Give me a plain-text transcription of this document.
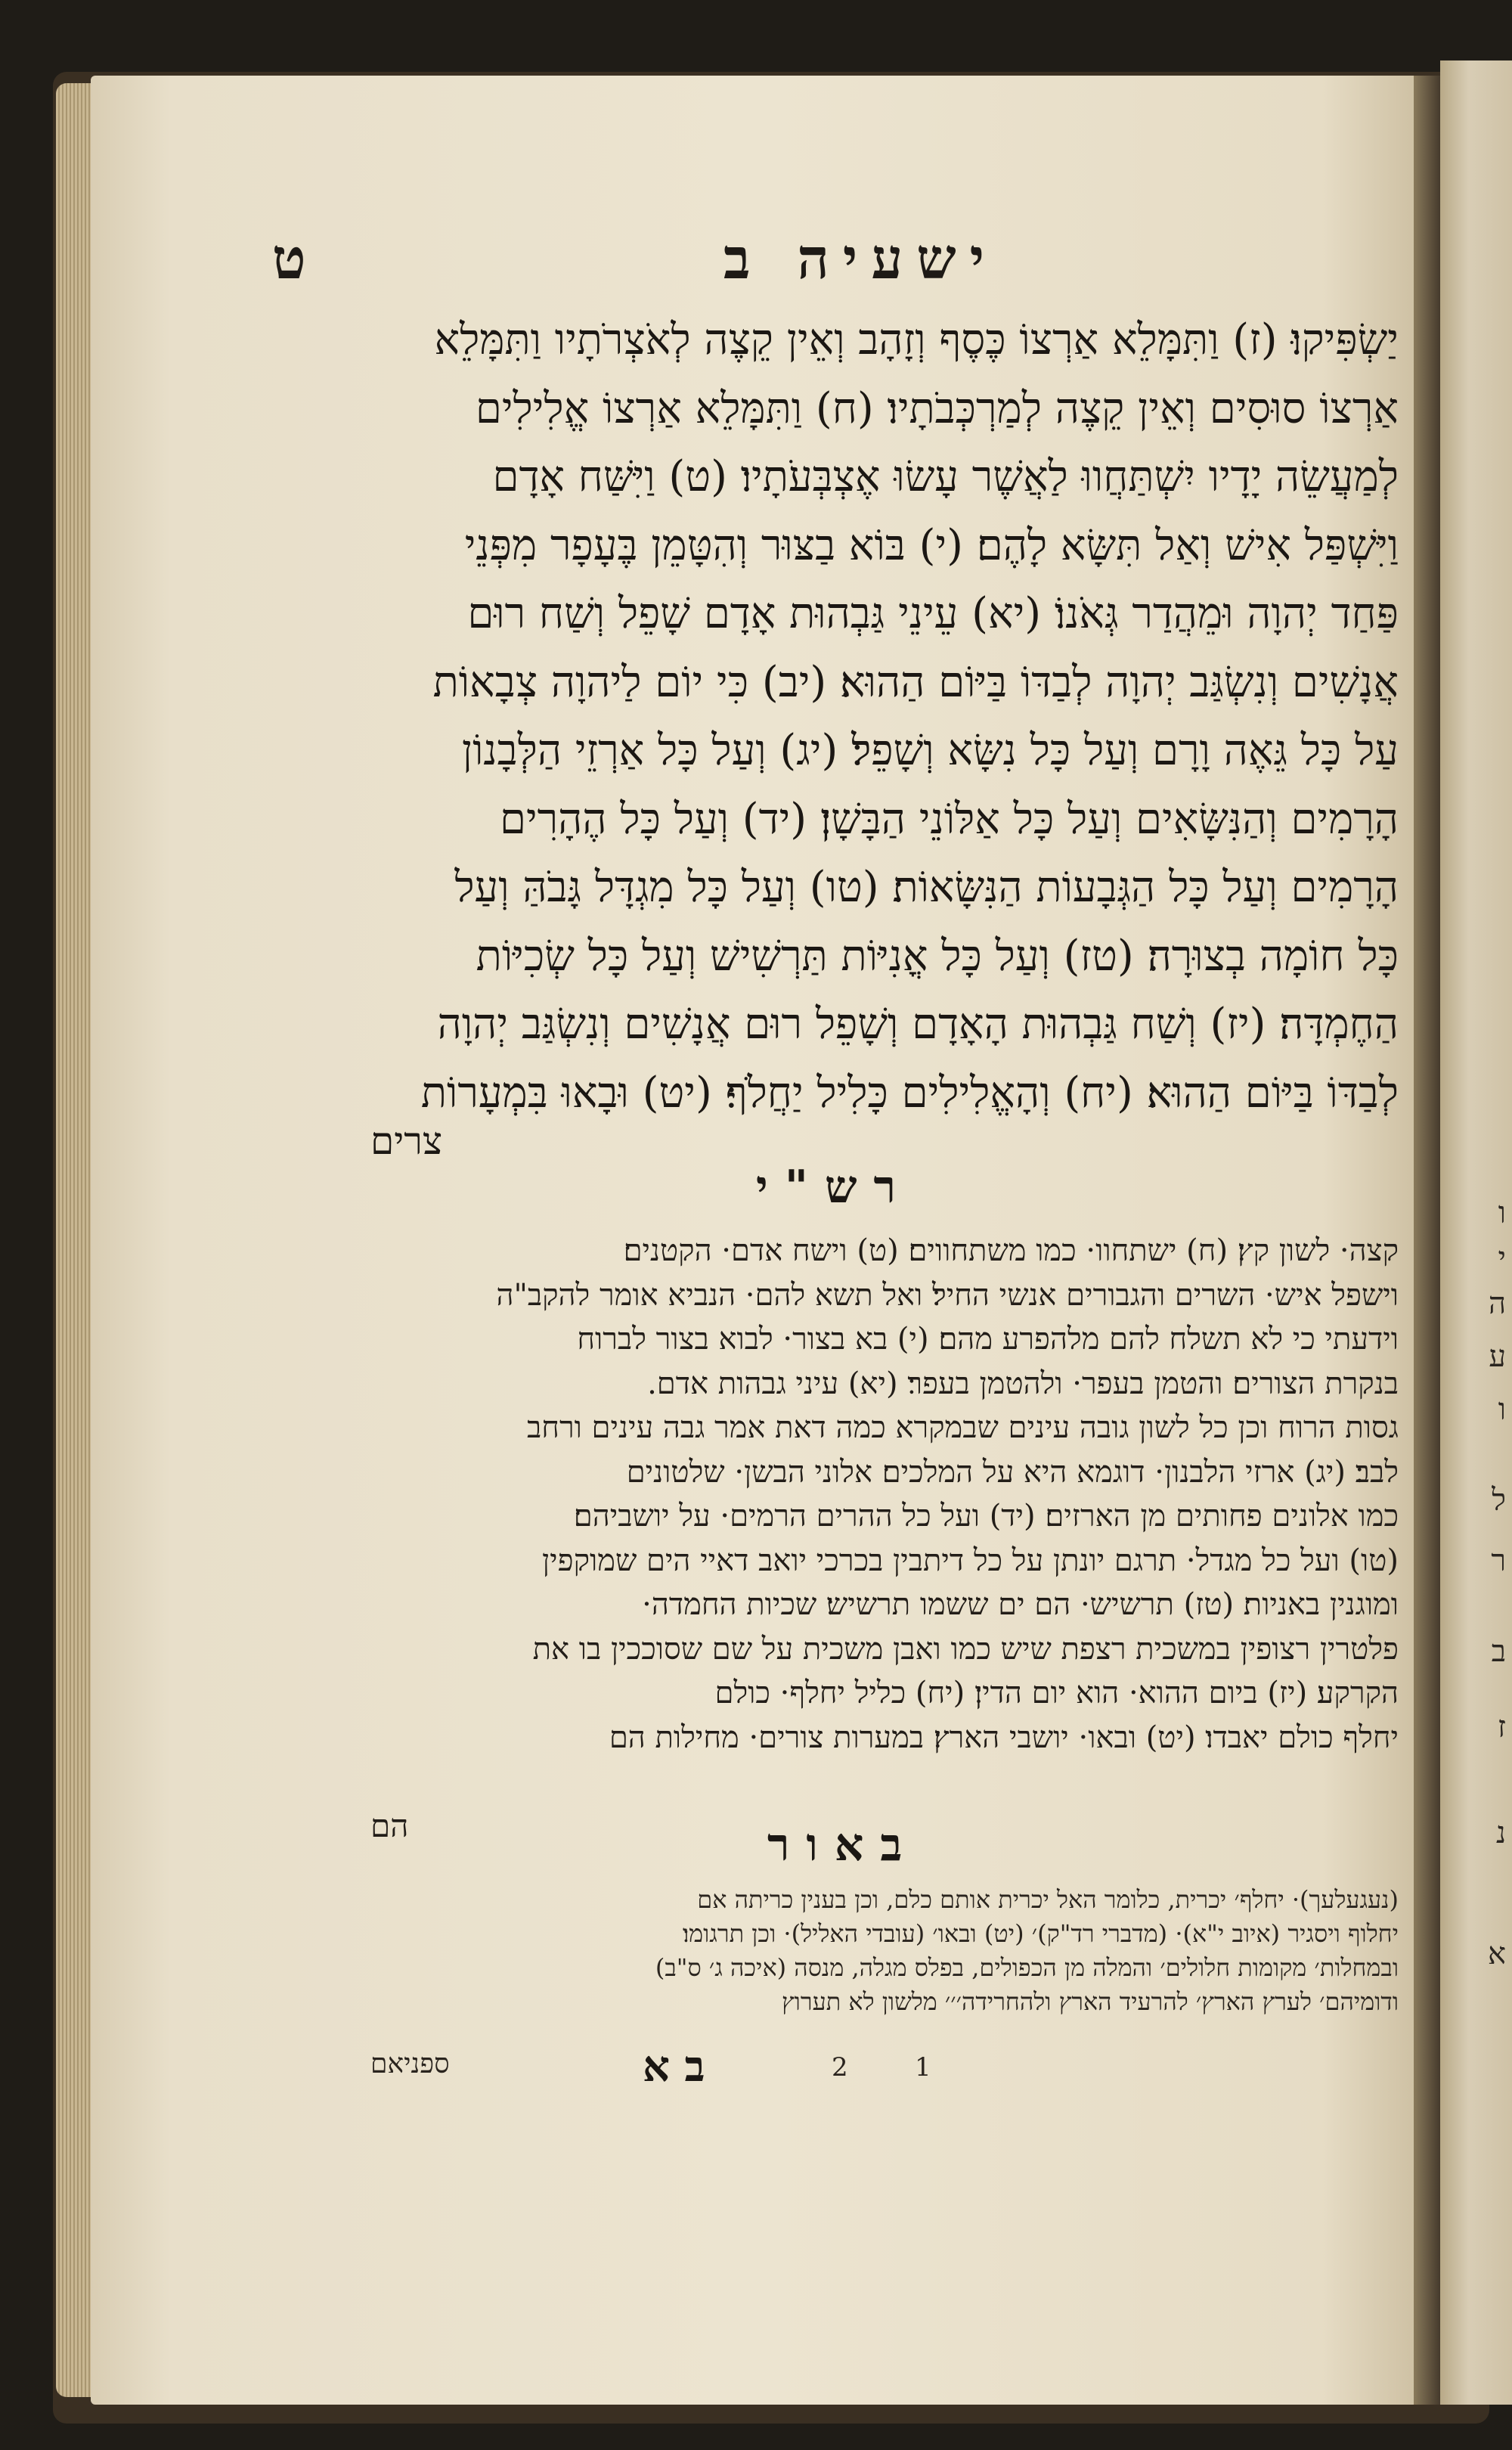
ו
י
ה
ע
ו
ל
ר
ב
ז
נ
א
ט	ישעיה ב
יַשְׂפִּיקוּ׃ (ז) וַתִּמָּלֵא אַרְצוֹ כֶּסֶף וְזָהָב וְאֵין קֵצֶה לְאֹצְרֹתָיו וַתִּמָּלֵא
אַרְצוֹ סוּסִים וְאֵין קֵצֶה לְמַרְכְּבֹתָיו׃ (ח) וַתִּמָּלֵא אַרְצוֹ אֱלִילִים
לְמַעֲשֵׂה יָדָיו יִשְׁתַּחֲווּ לַאֲשֶׁר עָשׂוּ אֶצְבְּעֹתָיו׃ (ט) וַיִּשַּׁח אָדָם
וַיִּשְׁפַּל אִישׁ וְאַל תִּשָּׂא לָהֶם׃ (י) בּוֹא בַצּוּר וְהִטָּמֵן בֶּעָפָר מִפְּנֵי
פַּחַד יְהוָה וּמֵהֲדַר גְּאֹנוֹ׃ (יא) עֵינֵי גַּבְהוּת אָדָם שָׁפֵל וְשַׁח רוּם
אֲנָשִׁים וְנִשְׂגַּב יְהוָה לְבַדּוֹ בַּיּוֹם הַהוּא׃ (יב) כִּי יוֹם לַיהוָה צְבָאוֹת
עַל כָּל גֵּאֶה וָרָם וְעַל כָּל נִשָּׂא וְשָׁפֵל׃ (יג) וְעַל כָּל אַרְזֵי הַלְּבָנוֹן
הָרָמִים וְהַנִּשָּׂאִים וְעַל כָּל אַלּוֹנֵי הַבָּשָׁן׃ (יד) וְעַל כָּל הֶהָרִים
הָרָמִים וְעַל כָּל הַגְּבָעוֹת הַנִּשָּׂאוֹת׃ (טו) וְעַל כָּל מִגְדָּל גָּבֹהַּ וְעַל
כָּל חוֹמָה בְצוּרָה׃ (טז) וְעַל כָּל אֳנִיּוֹת תַּרְשִׁישׁ וְעַל כָּל שְׂכִיּוֹת
הַחֶמְדָּה׃ (יז) וְשַׁח גַּבְהוּת הָאָדָם וְשָׁפֵל רוּם אֲנָשִׁים וְנִשְׂגַּב יְהוָה
לְבַדּוֹ בַּיּוֹם הַהוּא׃ (יח) וְהָאֱלִילִים כָּלִיל יַחֲלֹף׃ (יט) וּבָאוּ בִּמְעָרוֹת
צרים
רש"י
קצה· לשון קץ׃ (ח) ישתחוו· כמו משתחווים׃ (ט) וישח אדם· הקטנים׃
וישפל איש· השרים והגבורים אנשי החיל׃ ואל תשא להם· הנביא אומר להקב"ה
וידעתי כי לא תשלח להם מלהפרע מהם׃ (י) בא בצור· לבוא בצור לברוח
בנקרת הצורים׃ והטמן בעפר· ולהטמן בעפר׃ (יא) עיני גבהות אדם.
גסות הרוח וכן כל לשון גובה עינים שבמקרא כמה דאת אמר גבה עינים ורחב
לבב׃ (יג) ארזי הלבנון· דוגמא היא על המלכים׃ אלוני הבשן· שלטונים
כמו אלונים פחותים מן הארזים׃ (יד) ועל כל ההרים הרמים· על יושביהם׃
(טו) ועל כל מגדל· תרגם יונתן על כל דיתבין בכרכי יואב דאיי הים שמוקפין
ומוגנין באניות׃ (טז) תרשיש· הם ים ששמו תרשיש׃ שכיות החמדה·
פלטרין רצופין במשכית רצפת שיש כמו ואבן משכית על שם שסוככין בו את
הקרקע׃ (יז) ביום ההוא· הוא יום הדין׃ (יח) כליל יחלף· כולם
יחלף כולם יאבדו׃ (יט) ובאו· יושבי הארץ׃ במערות צורים· מחילות הם
הם	באור
(נעגעלעך)· יחלף׳ יכרית, כלומר האל יכרית אותם כלם, וכן בענין כריתה אם
יחלוף ויסגיר (איוב י"א)· (מדברי רד"ק)׳ (יט) ובאו׳ (עובדי האליל)· וכן תרגומו׃
ובמחלות׳ מקומות חלולים׳ והמלה מן הכפולים, בפלס מגלה, מנסה (איכה ג׳ ס"ב)
ודומיהם׳ לערץ הארץ׳ להרעיד הארץ ולהחרידה׳׳׳ מלשון לא תערוץ
ספניאם	ב א	2	1
